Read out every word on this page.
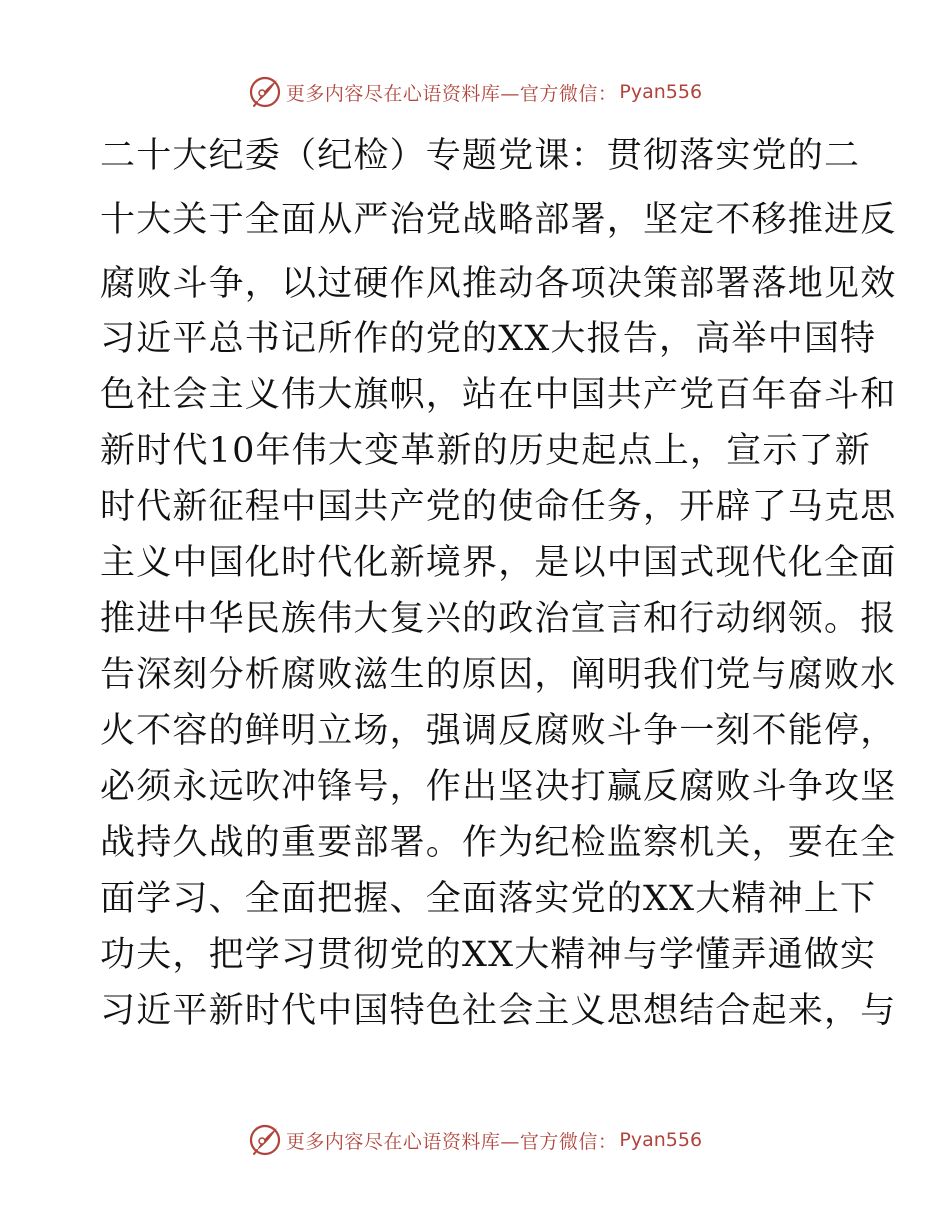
更多内容尽在心语资料库—官方微信： Pyan556
二十大纪委（纪检）专题党课：贯彻落实党的二
十大关于全面从严治党战略部署，坚定不移推进反
腐败斗争，以过硬作风推动各项决策部署落地见效
习近平总书记所作的党的XX大报告，高举中国特
色社会主义伟大旗帜，站在中国共产党百年奋斗和
新时代10年伟大变革新的历史起点上，宣示了新
时代新征程中国共产党的使命任务，开辟了马克思
主义中国化时代化新境界，是以中国式现代化全面
推进中华民族伟大复兴的政治宣言和行动纲领。报
告深刻分析腐败滋生的原因，阐明我们党与腐败水
火不容的鲜明立场，强调反腐败斗争一刻不能停，
必须永远吹冲锋号，作出坚决打赢反腐败斗争攻坚
战持久战的重要部署。作为纪检监察机关，要在全
面学习、全面把握、全面落实党的XX大精神上下
功夫，把学习贯彻党的XX大精神与学懂弄通做实
习近平新时代中国特色社会主义思想结合起来，与
更多内容尽在心语资料库—官方微信： Pyan556
